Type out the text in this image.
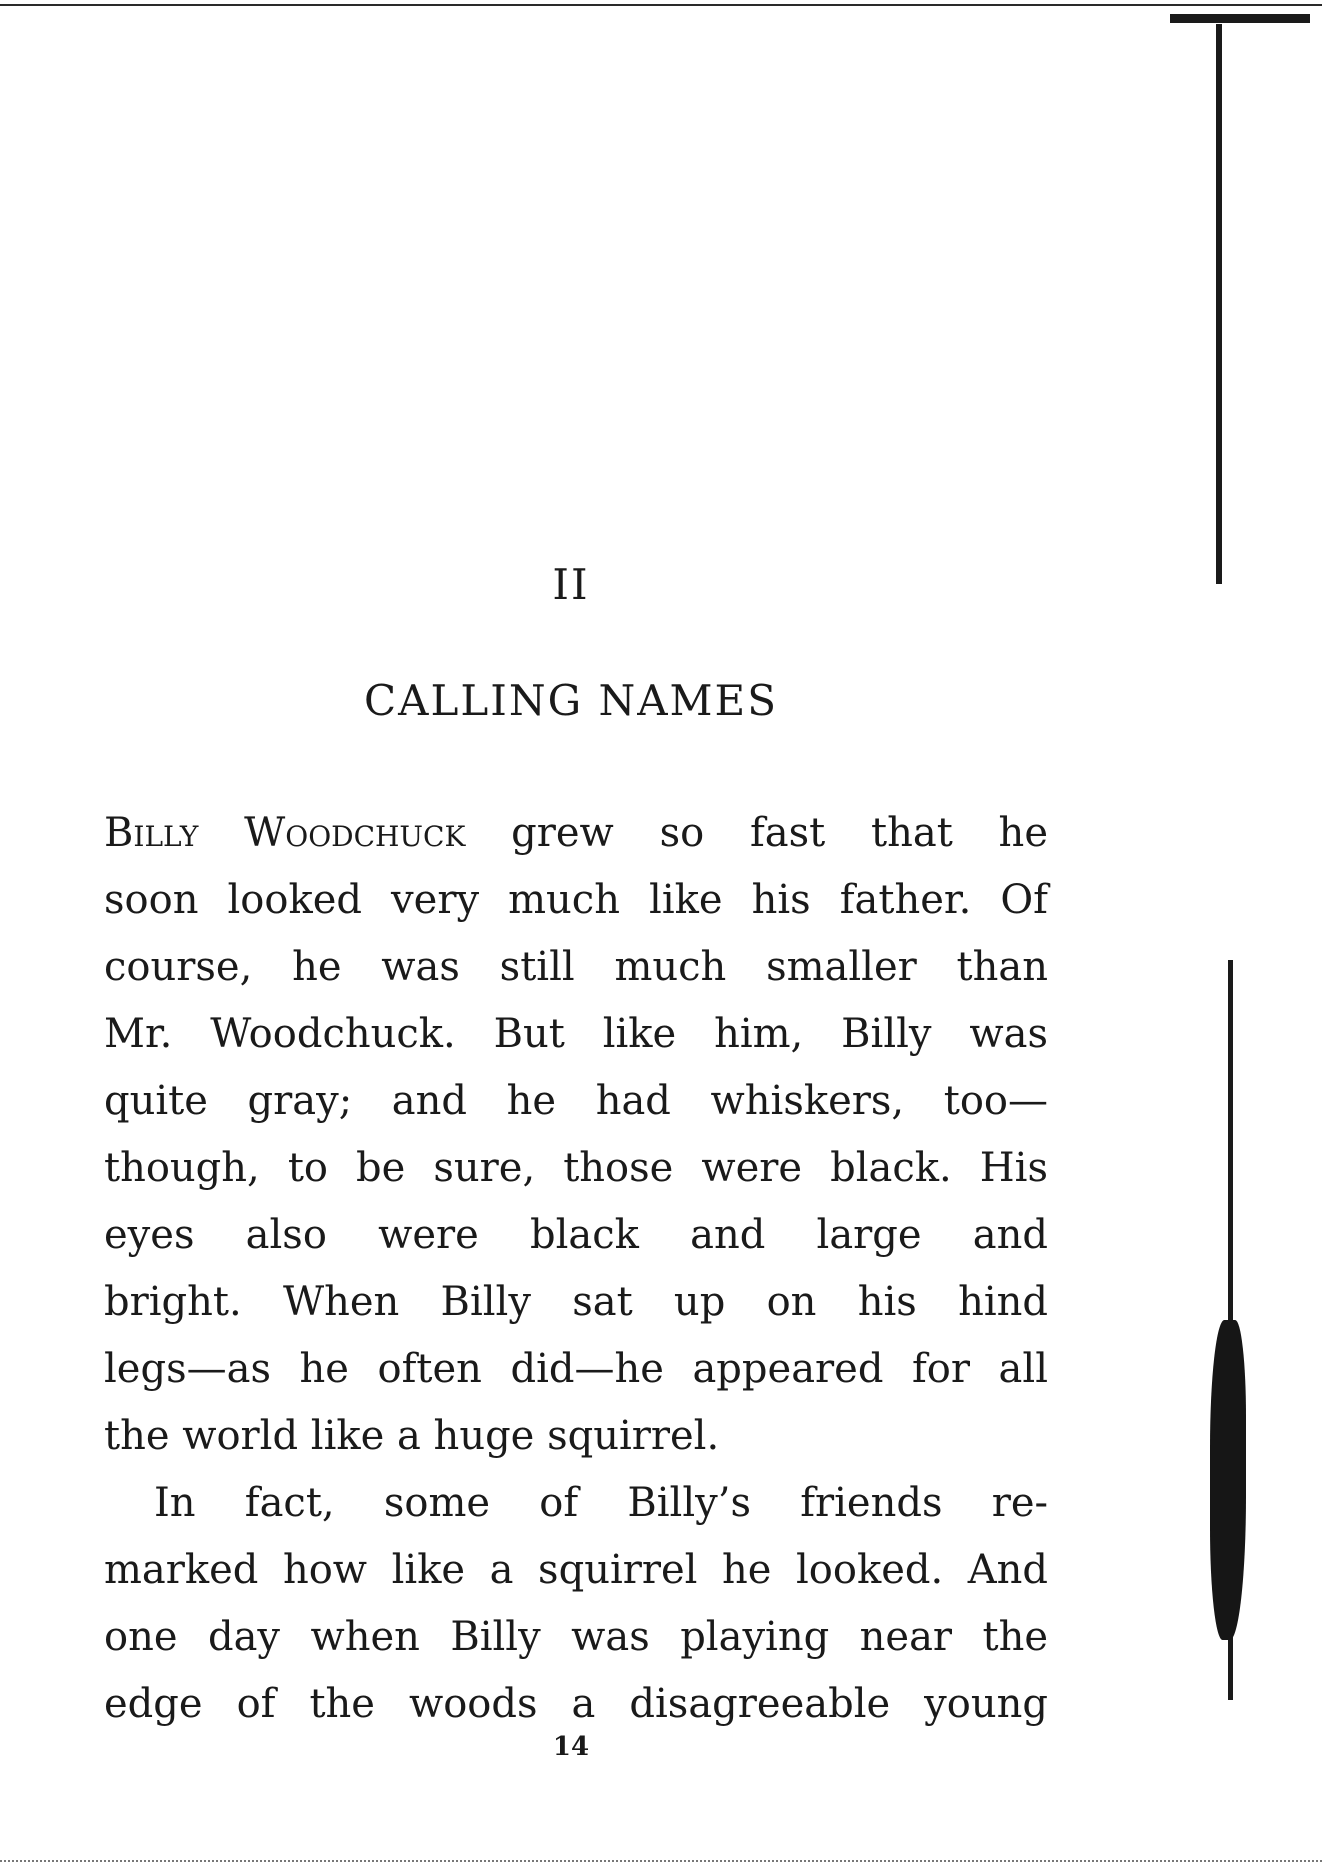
II
CALLING NAMES
Billy Woodchuck grew so fast that he
soon looked very much like his father. Of
course, he was still much smaller than
Mr. Woodchuck. But like him, Billy was
quite gray; and he had whiskers, too—
though, to be sure, those were black. His
eyes also were black and large and
bright. When Billy sat up on his hind
legs—as he often did—he appeared for all
the world like a huge squirrel.
In fact, some of Billy’s friends re-
marked how like a squirrel he looked. And
one day when Billy was playing near the
edge of the woods a disagreeable young
14
